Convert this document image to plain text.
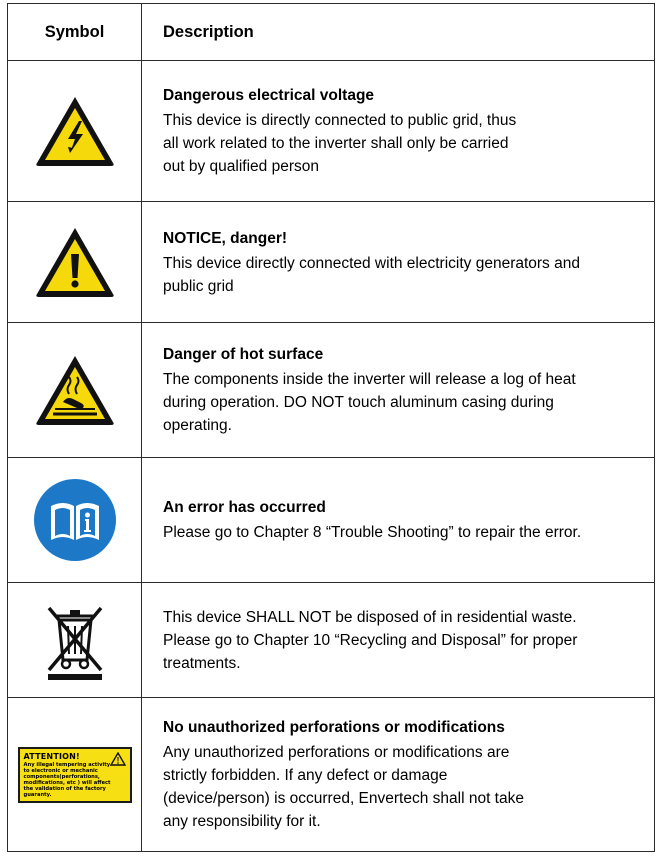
Symbol	Description
Dangerous electrical voltage
This device is directly connected to public grid, thus
all work related to the inverter shall only be carried
out by qualified person
NOTICE, danger!
This device directly connected with electricity generators and
public grid
Danger of hot surface
The components inside the inverter will release a log of heat
during operation. DO NOT touch aluminum casing during
operating.
An error has occurred
Please go to Chapter 8 “Trouble Shooting” to repair the error.
This device SHALL NOT be disposed of in residential waste.
Please go to Chapter 10 “Recycling and Disposal” for proper
treatments.
ATTENTION!
Any illegal tempering activity
to electronic or mechanic
components(perforations,
modifications, etc ) will affect
the validation of the factory
guaranty.
No unauthorized perforations or modifications
Any unauthorized perforations or modifications are
strictly forbidden. If any defect or damage
(device/person) is occurred, Envertech shall not take
any responsibility for it.
